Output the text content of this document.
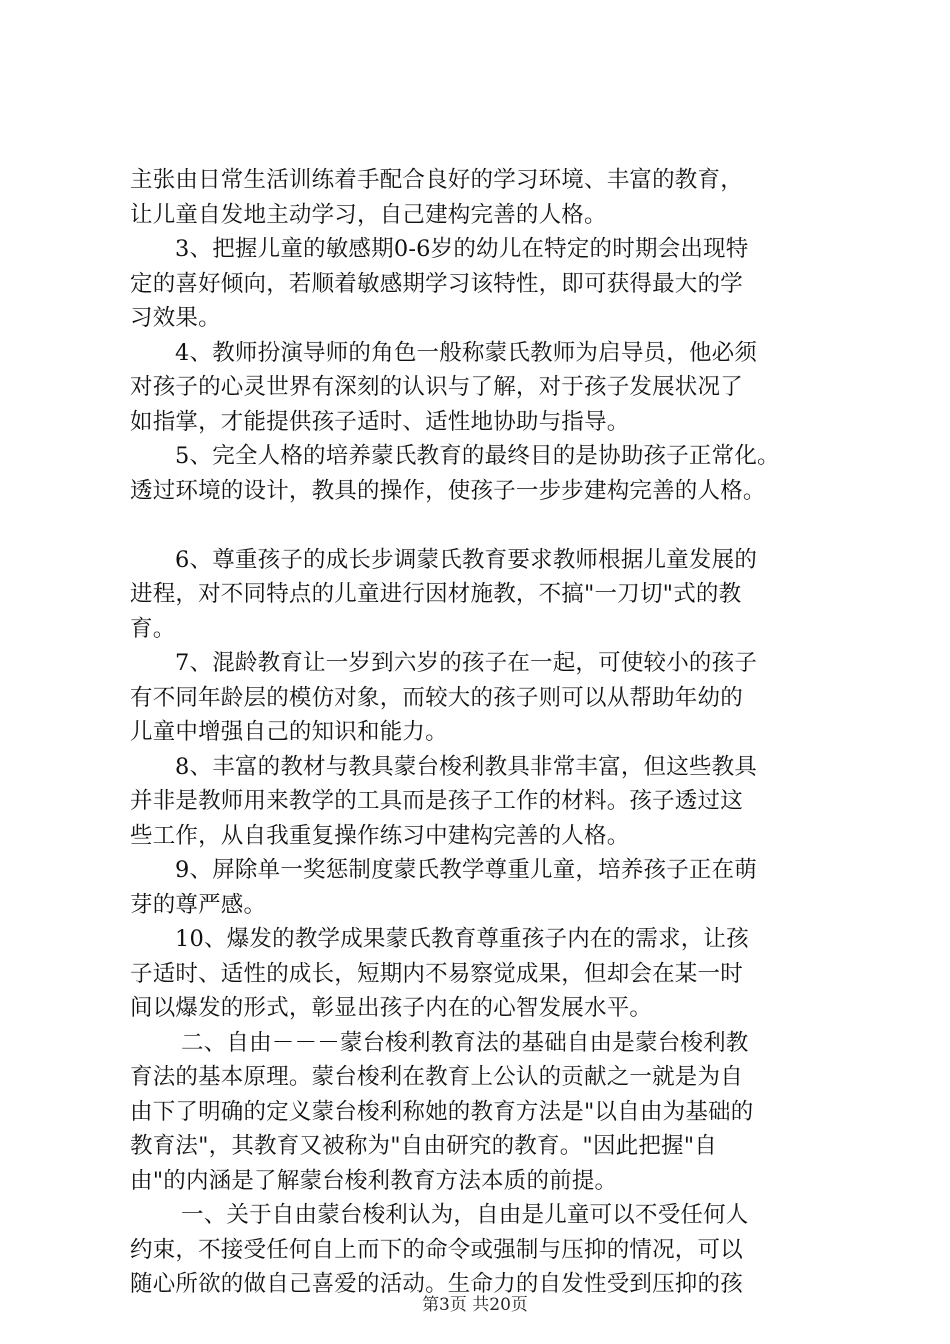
主张由日常生活训练着手配合良好的学习环境、丰富的教育，
让儿童自发地主动学习，自己建构完善的人格。
3、把握儿童的敏感期0-6岁的幼儿在特定的时期会出现特
定的喜好倾向，若顺着敏感期学习该特性，即可获得最大的学
习效果。
4、教师扮演导师的角色一般称蒙氏教师为启导员，他必须
对孩子的心灵世界有深刻的认识与了解，对于孩子发展状况了
如指掌，才能提供孩子适时、适性地协助与指导。
5、完全人格的培养蒙氏教育的最终目的是协助孩子正常化。
透过环境的设计，教具的操作，使孩子一步步建构完善的人格。
6、尊重孩子的成长步调蒙氏教育要求教师根据儿童发展的
进程，对不同特点的儿童进行因材施教，不搞"一刀切"式的教
育。
7、混龄教育让一岁到六岁的孩子在一起，可使较小的孩子
有不同年龄层的模仿对象，而较大的孩子则可以从帮助年幼的
儿童中增强自己的知识和能力。
8、丰富的教材与教具蒙台梭利教具非常丰富，但这些教具
并非是教师用来教学的工具而是孩子工作的材料。孩子透过这
些工作，从自我重复操作练习中建构完善的人格。
9、屏除单一奖惩制度蒙氏教学尊重儿童，培养孩子正在萌
芽的尊严感。
10、爆发的教学成果蒙氏教育尊重孩子内在的需求，让孩
子适时、适性的成长，短期内不易察觉成果，但却会在某一时
间以爆发的形式，彰显出孩子内在的心智发展水平。
二、自由－－－蒙台梭利教育法的基础自由是蒙台梭利教
育法的基本原理。蒙台梭利在教育上公认的贡献之一就是为自
由下了明确的定义蒙台梭利称她的教育方法是"以自由为基础的
教育法"，其教育又被称为"自由研究的教育。"因此把握"自
由"的内涵是了解蒙台梭利教育方法本质的前提。
一、关于自由蒙台梭利认为，自由是儿童可以不受任何人
约束，不接受任何自上而下的命令或强制与压抑的情况，可以
随心所欲的做自己喜爱的活动。生命力的自发性受到压抑的孩
第3页 共20页
